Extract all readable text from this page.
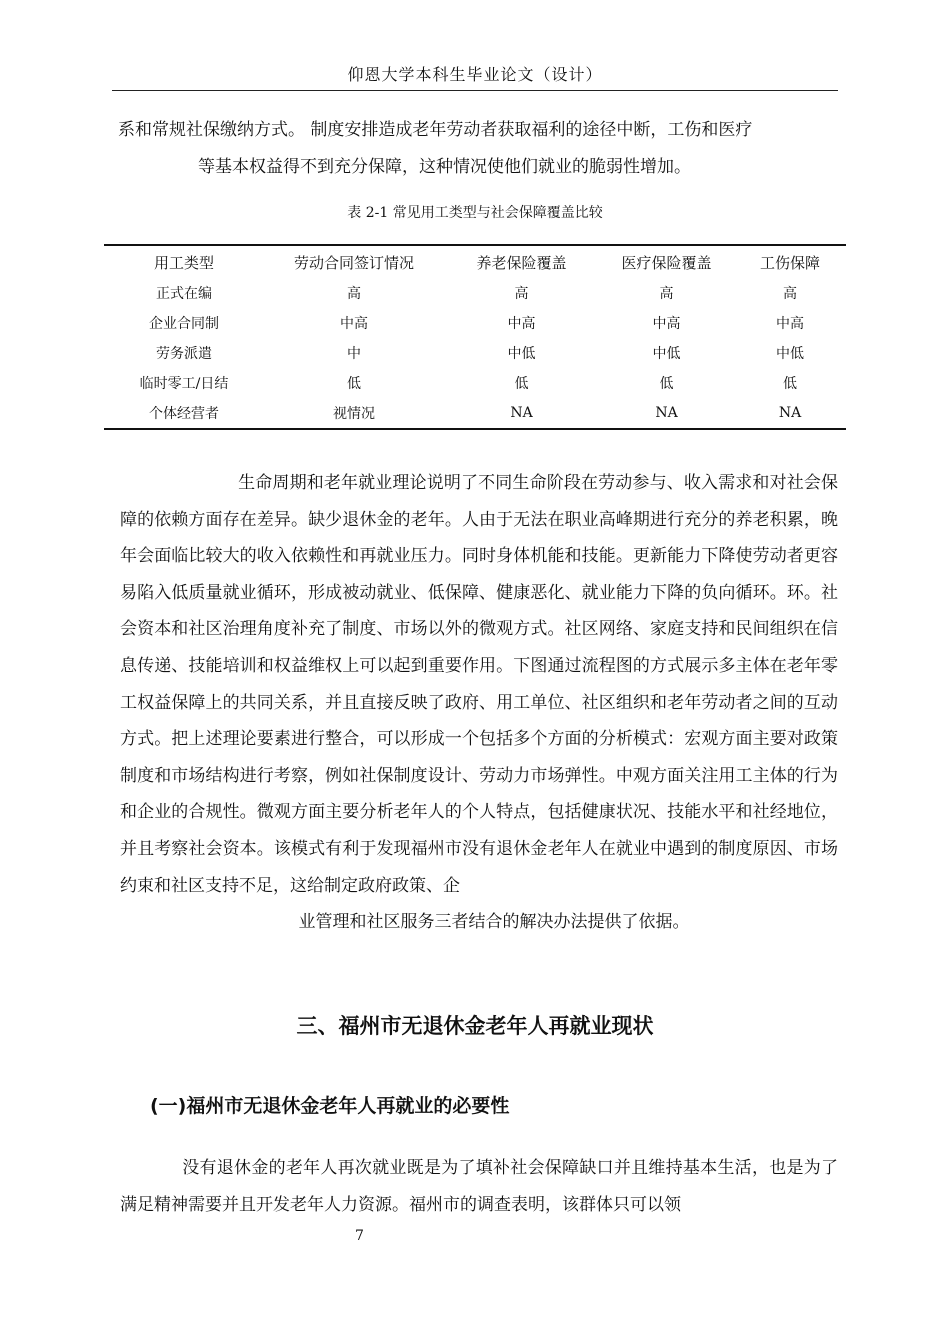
仰恩大学本科生毕业论文（设计）
系和常规社保缴纳方式。 制度安排造成老年劳动者获取福利的途径中断，工伤和医疗
等基本权益得不到充分保障，这种情况使他们就业的脆弱性增加。
表 2-1 常见用工类型与社会保障覆盖比较
用工类型	劳动合同签订情况	养老保险覆盖	医疗保险覆盖	工伤保障
正式在编	高	高	高	高
企业合同制	中高	中高	中高	中高
劳务派遣	中	中低	中低	中低
临时零工/日结	低	低	低	低
个体经营者	视情况	NA	NA	NA
生命周期和老年就业理论说明了不同生命阶段在劳动参与、收入需求和对社会保障的依赖方面存在差异。缺少退休金的老年。人由于无法在职业高峰期进行充分的养老积累，晚年会面临比较大的收入依赖性和再就业压力。同时身体机能和技能。更新能力下降使劳动者更容易陷入低质量就业循环，形成被动就业、低保障、健康恶化、就业能力下降的负向循环。环。社会资本和社区治理角度补充了制度、市场以外的微观方式。社区网络、家庭支持和民间组织在信息传递、技能培训和权益维权上可以起到重要作用。下图通过流程图的方式展示多主体在老年零工权益保障上的共同关系，并且直接反映了政府、用工单位、社区组织和老年劳动者之间的互动方式。把上述理论要素进行整合，可以形成一个包括多个方面的分析模式：宏观方面主要对政策制度和市场结构进行考察，例如社保制度设计、劳动力市场弹性。中观方面关注用工主体的行为和企业的合规性。微观方面主要分析老年人的个人特点，包括健康状况、技能水平和社经地位，并且考察社会资本。该模式有利于发现福州市没有退休金老年人在就业中遇到的制度原因、市场约束和社区支持不足，这给制定政府政策、企
业管理和社区服务三者结合的解决办法提供了依据。
三、福州市无退休金老年人再就业现状
(一)福州市无退休金老年人再就业的必要性
没有退休金的老年人再次就业既是为了填补社会保障缺口并且维持基本生活，也是为了满足精神需要并且开发老年人力资源。福州市的调查表明，该群体只可以领
7
